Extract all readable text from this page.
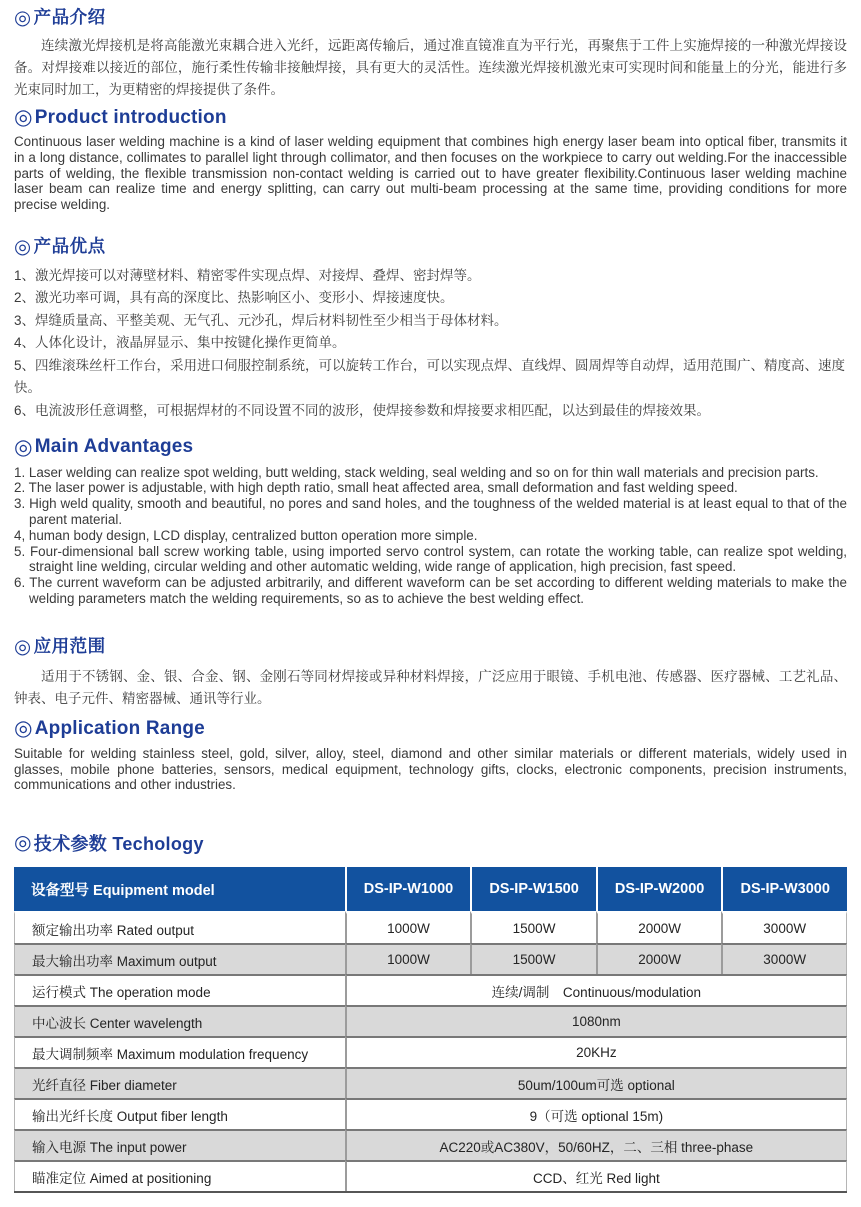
◎ 产品介绍

连续激光焊接机是将高能激光束耦合进入光纤，远距离传输后，通过准直镜准直为平行光，再聚焦于工件上实施焊接的一种激光焊接设备。对焊接难以接近的部位，施行柔性传输非接触焊接，具有更大的灵活性。连续激光焊接机激光束可实现时间和能量上的分光，能进行多光束同时加工，为更精密的焊接提供了条件。

◎ Product introduction

Continuous laser welding machine is a kind of laser welding equipment that combines high energy laser beam into optical fiber, transmits it in a long distance, collimates to parallel light through collimator, and then focuses on the workpiece to carry out welding.For the inaccessible parts of welding, the flexible transmission non-contact welding is carried out to have greater flexibility.Continuous laser welding machine laser beam can realize time and energy splitting, can carry out multi-beam processing at the same time, providing conditions for more precise welding.

◎ 产品优点
1、激光焊接可以对薄壁材料、精密零件实现点焊、对接焊、叠焊、密封焊等。
2、激光功率可调，具有高的深度比、热影响区小、变形小、焊接速度快。
3、焊缝质量高、平整美观、无气孔、元沙孔，焊后材料韧性至少相当于母体材料。
4、人体化设计，液晶屏显示、集中按键化操作更简单。
5、四维滚珠丝杆工作台，采用进口伺服控制系统，可以旋转工作台，可以实现点焊、直线焊、圆周焊等自动焊，适用范围广、精度高、速度快。
6、电流波形任意调整，可根据焊材的不同设置不同的波形，使焊接参数和焊接要求相匹配，以达到最佳的焊接效果。
◎ Main Advantages
1. Laser welding can realize spot welding, butt welding, stack welding, seal welding and so on for thin wall materials and precision parts.
2. The laser power is adjustable, with high depth ratio, small heat affected area, small deformation and fast welding speed.
3. High weld quality, smooth and beautiful, no pores and sand holes, and the toughness of the welded material is at least equal to that of the parent material.
4, human body design, LCD display, centralized button operation more simple.
5. Four-dimensional ball screw working table, using imported servo control system, can rotate the working table, can realize spot welding, straight line welding, circular welding and other automatic welding, wide range of application, high precision, fast speed.
6. The current waveform can be adjusted arbitrarily, and different waveform can be set according to different welding materials to make the welding parameters match the welding requirements, so as to achieve the best welding effect.
◎ 应用范围

适用于不锈钢、金、银、合金、钢、金刚石等同材焊接或异种材料焊接，广泛应用于眼镜、手机电池、传感器、医疗器械、工艺礼品、钟表、电子元件、精密器械、通讯等行业。

◎ Application Range

Suitable for welding stainless steel, gold, silver, alloy, steel, diamond and other similar materials or different materials, widely used in glasses, mobile phone batteries, sensors, medical equipment, technology gifts, clocks, electronic components, precision instruments, communications and other industries.

◎ 技术参数 Techology
设备型号 Equipment model	DS-IP-W1000	DS-IP-W1500	DS-IP-W2000	DS-IP-W3000
额定输出功率 Rated output	1000W	1500W	2000W	3000W
最大输出功率 Maximum output	1000W	1500W	2000W	3000W
运行模式 The operation mode	连续/调制　Continuous/modulation			
中心波长 Center wavelength	1080nm			
最大调制频率 Maximum modulation frequency	20KHz			
光纤直径 Fiber diameter	50um/100um可选 optional			
输出光纤长度 Output fiber length	9（可选 optional 15m)			
输入电源 The input power	AC220或AC380V，50/60HZ，二、三相 three-phase			
瞄准定位 Aimed at positioning	CCD、红光 Red light			
